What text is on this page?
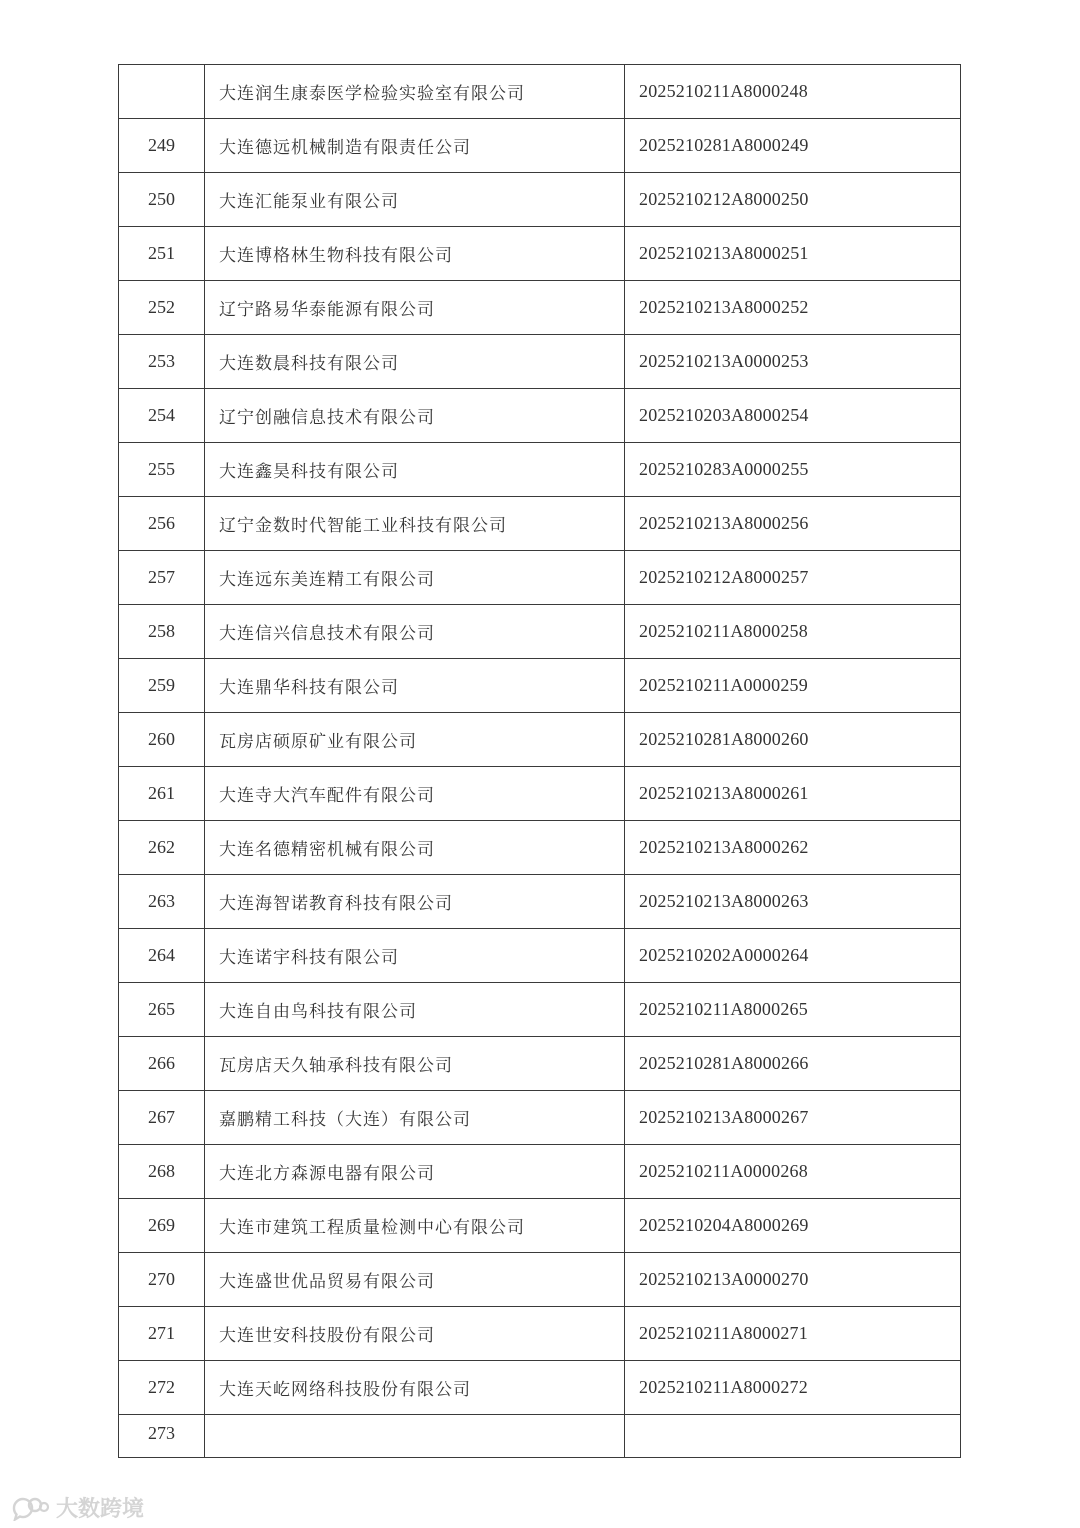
	大连润生康泰医学检验实验室有限公司	2025210211A8000248
249	大连德远机械制造有限责任公司	2025210281A8000249
250	大连汇能泵业有限公司	2025210212A8000250
251	大连博格林生物科技有限公司	2025210213A8000251
252	辽宁路易华泰能源有限公司	2025210213A8000252
253	大连数晨科技有限公司	2025210213A0000253
254	辽宁创融信息技术有限公司	2025210203A8000254
255	大连鑫昊科技有限公司	2025210283A0000255
256	辽宁金数时代智能工业科技有限公司	2025210213A8000256
257	大连远东美连精工有限公司	2025210212A8000257
258	大连信兴信息技术有限公司	2025210211A8000258
259	大连鼎华科技有限公司	2025210211A0000259
260	瓦房店硕原矿业有限公司	2025210281A8000260
261	大连寺大汽车配件有限公司	2025210213A8000261
262	大连名德精密机械有限公司	2025210213A8000262
263	大连海智诺教育科技有限公司	2025210213A8000263
264	大连诺宇科技有限公司	2025210202A0000264
265	大连自由鸟科技有限公司	2025210211A8000265
266	瓦房店天久轴承科技有限公司	2025210281A8000266
267	嘉鹏精工科技（大连）有限公司	2025210213A8000267
268	大连北方森源电器有限公司	2025210211A0000268
269	大连市建筑工程质量检测中心有限公司	2025210204A8000269
270	大连盛世优品贸易有限公司	2025210213A0000270
271	大连世安科技股份有限公司	2025210211A8000271
272	大连天屹网络科技股份有限公司	2025210211A8000272
273		
大数跨境
